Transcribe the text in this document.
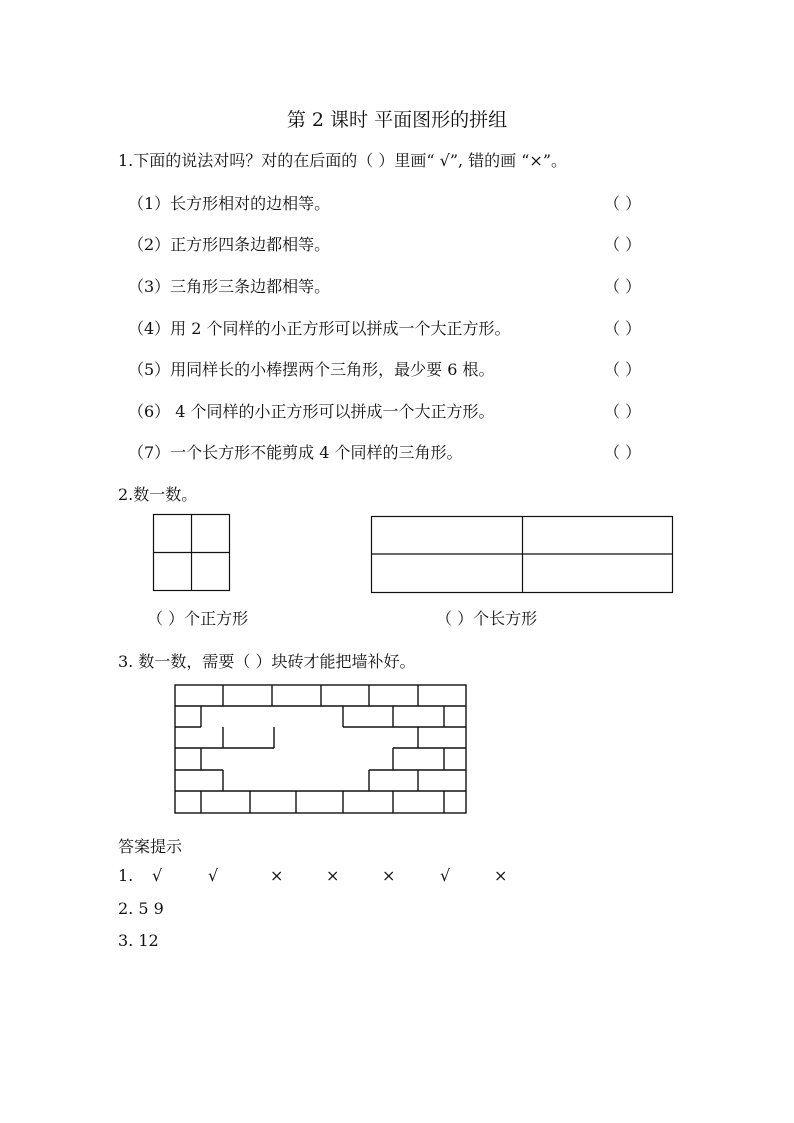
第 2 课时 平面图形的拼组
1.下面的说法对吗？对的在后面的（ ）里画“ √”, 错的画 “×”。
（1）长方形相对的边相等。	（ ）
（2）正方形四条边都相等。	（ ）
（3）三角形三条边都相等。	（ ）
（4）用 2 个同样的小正方形可以拼成一个大正方形。	（ ）
（5）用同样长的小棒摆两个三角形，最少要 6 根。	（ ）
（6） 4 个同样的小正方形可以拼成一个大正方形。	（ ）
（7）一个长方形不能剪成 4 个同样的三角形。	（ ）
2.数一数。
（ ）个正方形	（ ）个长方形
3. 数一数，需要（ ）块砖才能把墙补好。
答案提示
1. √	√	×	×	×	√	×
2. 5 9
3. 12
